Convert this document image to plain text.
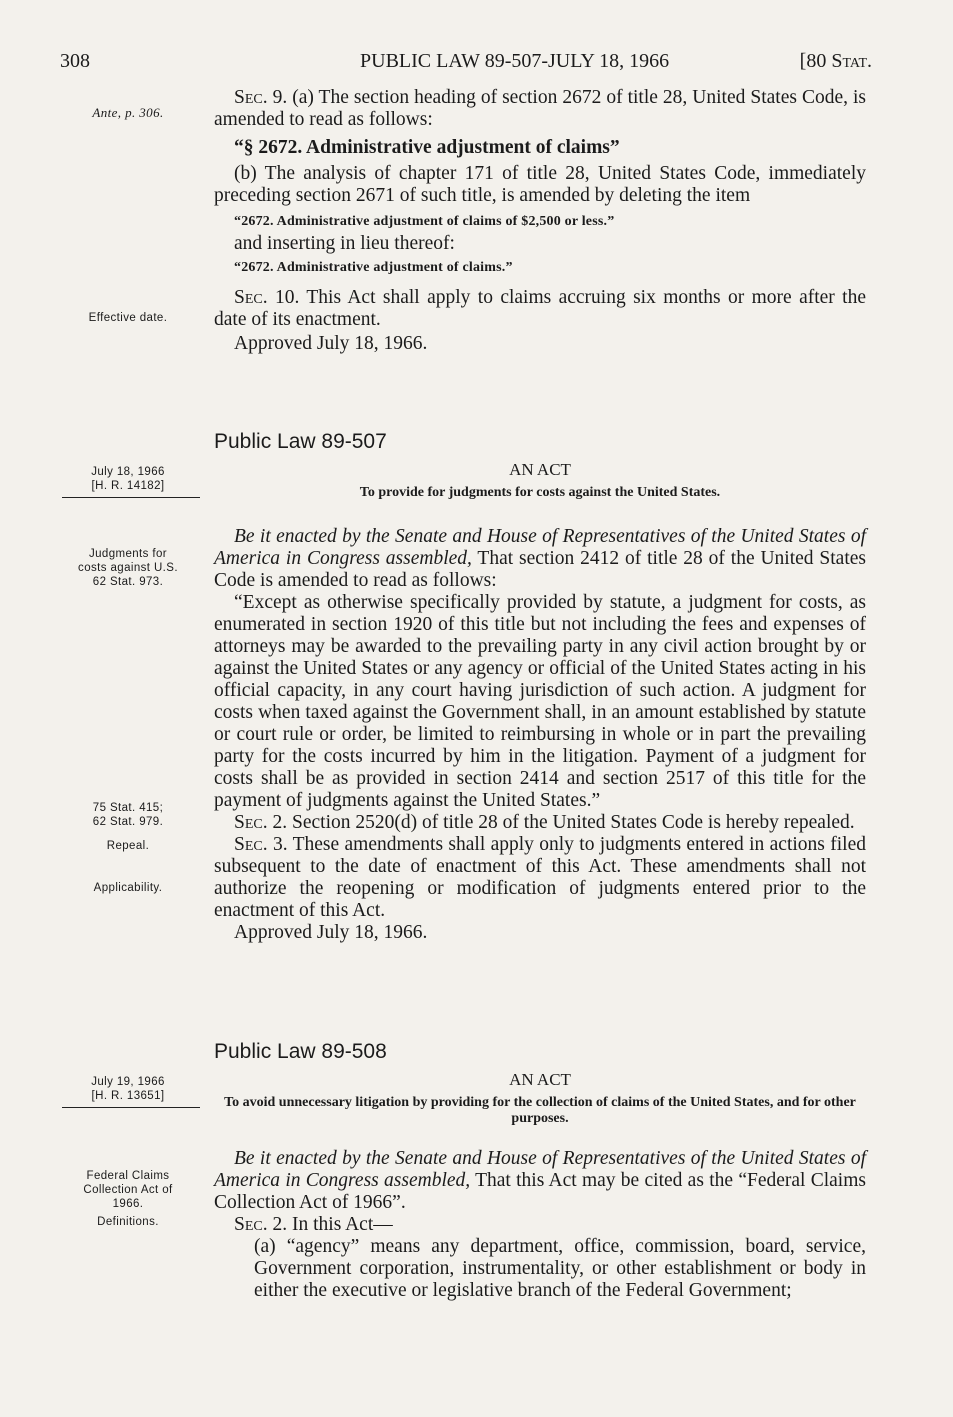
308	PUBLIC LAW 89-507-JULY 18, 1966	[80 Stat.
Ante, p. 306.
Effective date.
July 18, 1966
[H. R. 14182]
Judgments for
costs against U.S.
62 Stat. 973.
75 Stat. 415;
62 Stat. 979.
Repeal.
Applicability.
July 19, 1966
[H. R. 13651]
Federal Claims
Collection Act of
1966.
Definitions.

Sec. 9. (a) The section heading of section 2672 of title 28, United States Code, is amended to read as follows:

“§ 2672. Administrative adjustment of claims”

(b) The analysis of chapter 171 of title 28, United States Code, immediately preceding section 2671 of such title, is amended by deleting the item

“2672. Administrative adjustment of claims of $2,500 or less.”

and inserting in lieu thereof:

“2672. Administrative adjustment of claims.”

Sec. 10. This Act shall apply to claims accruing six months or more after the date of its enactment.

Approved July 18, 1966.

Public Law 89-507
AN ACT
To provide for judgments for costs against the United States.

Be it enacted by the Senate and House of Representatives of the United States of America in Congress assembled, That section 2412 of title 28 of the United States Code is amended to read as follows:

“Except as otherwise specifically provided by statute, a judgment for costs, as enumerated in section 1920 of this title but not including the fees and expenses of attorneys may be awarded to the prevailing party in any civil action brought by or against the United States or any agency or official of the United States acting in his official capacity, in any court having jurisdiction of such action. A judgment for costs when taxed against the Government shall, in an amount established by statute or court rule or order, be limited to reimbursing in whole or in part the prevailing party for the costs incurred by him in the litigation. Payment of a judgment for costs shall be as provided in section 2414 and section 2517 of this title for the payment of judgments against the United States.”

Sec. 2. Section 2520(d) of title 28 of the United States Code is hereby repealed.

Sec. 3. These amendments shall apply only to judgments entered in actions filed subsequent to the date of enactment of this Act. These amendments shall not authorize the reopening or modification of judgments entered prior to the enactment of this Act.

Approved July 18, 1966.

Public Law 89-508
AN ACT
To avoid unnecessary litigation by providing for the collection of claims of the United States, and for other purposes.

Be it enacted by the Senate and House of Representatives of the United States of America in Congress assembled, That this Act may be cited as the “Federal Claims Collection Act of 1966”.

Sec. 2. In this Act—

(a) “agency” means any department, office, commission, board, service, Government corporation, instrumentality, or other establishment or body in either the executive or legislative branch of the Federal Government;
